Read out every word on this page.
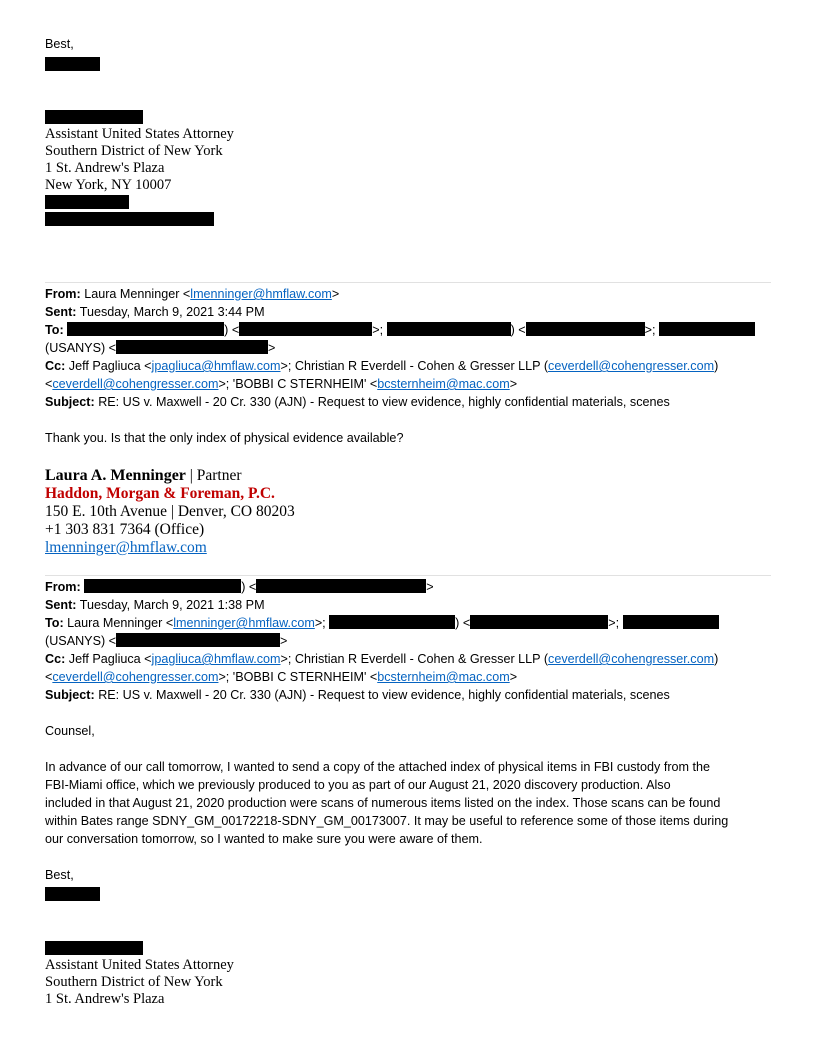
Best,
Assistant United States Attorney
Southern District of New York
1 St. Andrew's Plaza
New York, NY 10007
From: Laura Menninger <lmenninger@hmflaw.com>
Sent: Tuesday, March 9, 2021 3:44 PM
To:	) <	>;	) <	>;
(USANYS) <	>
Cc: Jeff Pagliuca <jpagliuca@hmflaw.com>; Christian R Everdell - Cohen & Gresser LLP (ceverdell@cohengresser.com)
<ceverdell@cohengresser.com>; 'BOBBI C STERNHEIM' <bcsternheim@mac.com>
Subject: RE: US v. Maxwell - 20 Cr. 330 (AJN) - Request to view evidence, highly confidential materials, scenes
Thank you. Is that the only index of physical evidence available?
Laura A. Menninger | Partner
Haddon, Morgan & Foreman, P.C.
150 E. 10th Avenue | Denver, CO 80203
+1 303 831 7364 (Office)
lmenninger@hmflaw.com
From:	) <	>
Sent: Tuesday, March 9, 2021 1:38 PM
To: Laura Menninger <lmenninger@hmflaw.com>;	) <	>;
(USANYS) <	>
Cc: Jeff Pagliuca <jpagliuca@hmflaw.com>; Christian R Everdell - Cohen & Gresser LLP (ceverdell@cohengresser.com)
<ceverdell@cohengresser.com>; 'BOBBI C STERNHEIM' <bcsternheim@mac.com>
Subject: RE: US v. Maxwell - 20 Cr. 330 (AJN) - Request to view evidence, highly confidential materials, scenes
Counsel,
In advance of our call tomorrow, I wanted to send a copy of the attached index of physical items in FBI custody from the
FBI-Miami office, which we previously produced to you as part of our August 21, 2020 discovery production. Also
included in that August 21, 2020 production were scans of numerous items listed on the index. Those scans can be found
within Bates range SDNY_GM_00172218-SDNY_GM_00173007. It may be useful to reference some of those items during
our conversation tomorrow, so I wanted to make sure you were aware of them.
Best,
Assistant United States Attorney
Southern District of New York
1 St. Andrew's Plaza
